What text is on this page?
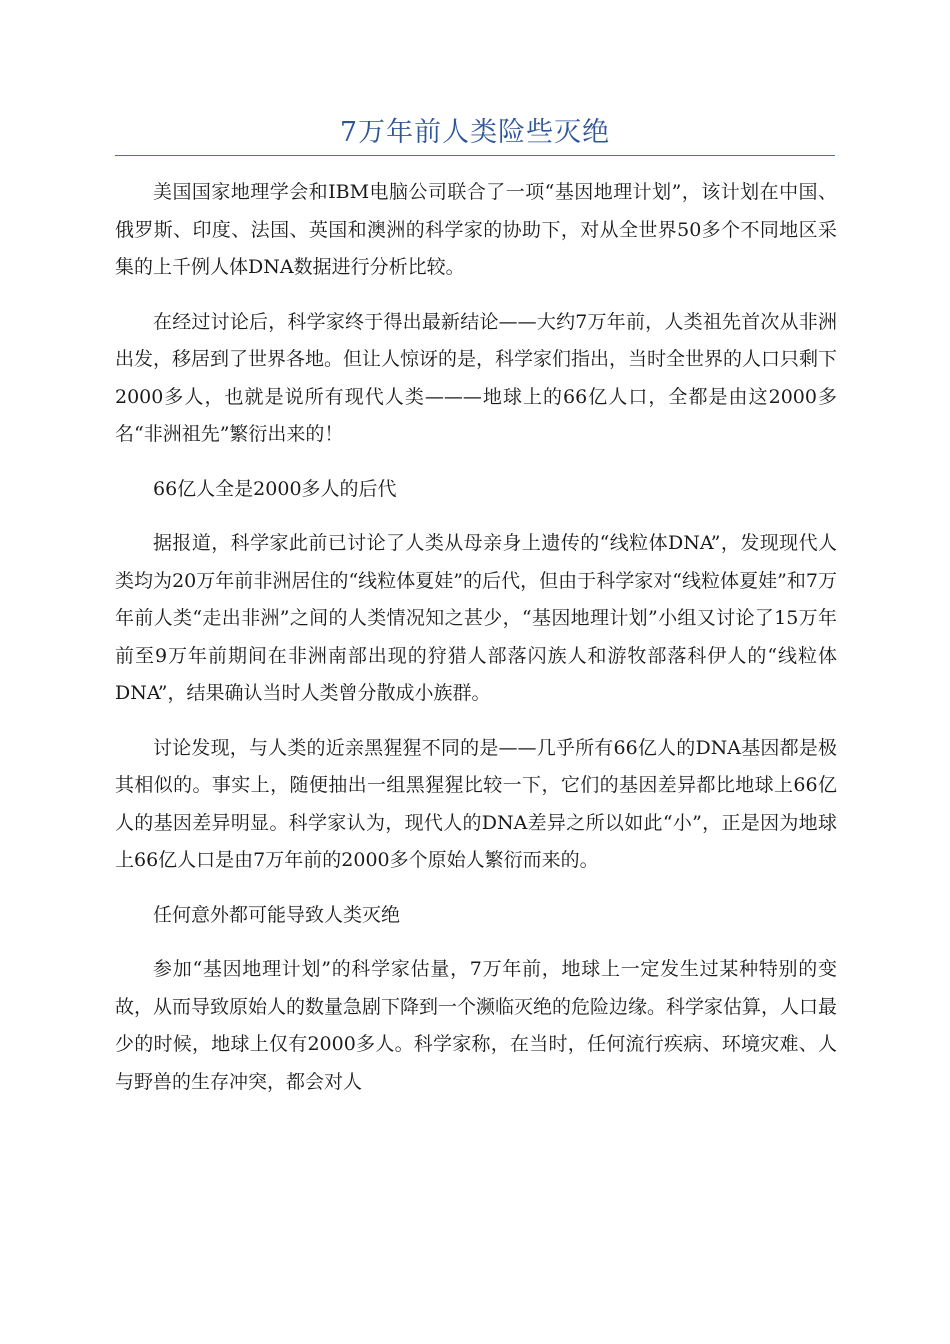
7万年前人类险些灭绝

美国国家地理学会和IBM电脑公司联合了一项“基因地理计划”，该计划在中国、俄罗斯、印度、法国、英国和澳洲的科学家的协助下，对从全世界50多个不同地区采集的上千例人体DNA数据进行分析比较。

在经过讨论后，科学家终于得出最新结论——大约7万年前，人类祖先首次从非洲出发，移居到了世界各地。但让人惊讶的是，科学家们指出，当时全世界的人口只剩下2000多人，也就是说所有现代人类———地球上的66亿人口，全都是由这2000多名“非洲祖先”繁衍出来的！

66亿人全是2000多人的后代

据报道，科学家此前已讨论了人类从母亲身上遗传的“线粒体DNA”，发现现代人类均为20万年前非洲居住的“线粒体夏娃”的后代，但由于科学家对“线粒体夏娃”和7万年前人类“走出非洲”之间的人类情况知之甚少，“基因地理计划”小组又讨论了15万年前至9万年前期间在非洲南部出现的狩猎人部落闪族人和游牧部落科伊人的“线粒体DNA”，结果确认当时人类曾分散成小族群。

讨论发现，与人类的近亲黑猩猩不同的是——几乎所有66亿人的DNA基因都是极其相似的。事实上，随便抽出一组黑猩猩比较一下，它们的基因差异都比地球上66亿人的基因差异明显。科学家认为，现代人的DNA差异之所以如此“小”，正是因为地球上66亿人口是由7万年前的2000多个原始人繁衍而来的。

任何意外都可能导致人类灭绝

参加“基因地理计划”的科学家估量，7万年前，地球上一定发生过某种特别的变故，从而导致原始人的数量急剧下降到一个濒临灭绝的危险边缘。科学家估算，人口最少的时候，地球上仅有2000多人。科学家称，在当时，任何流行疾病、环境灾难、人与野兽的生存冲突，都会对人
